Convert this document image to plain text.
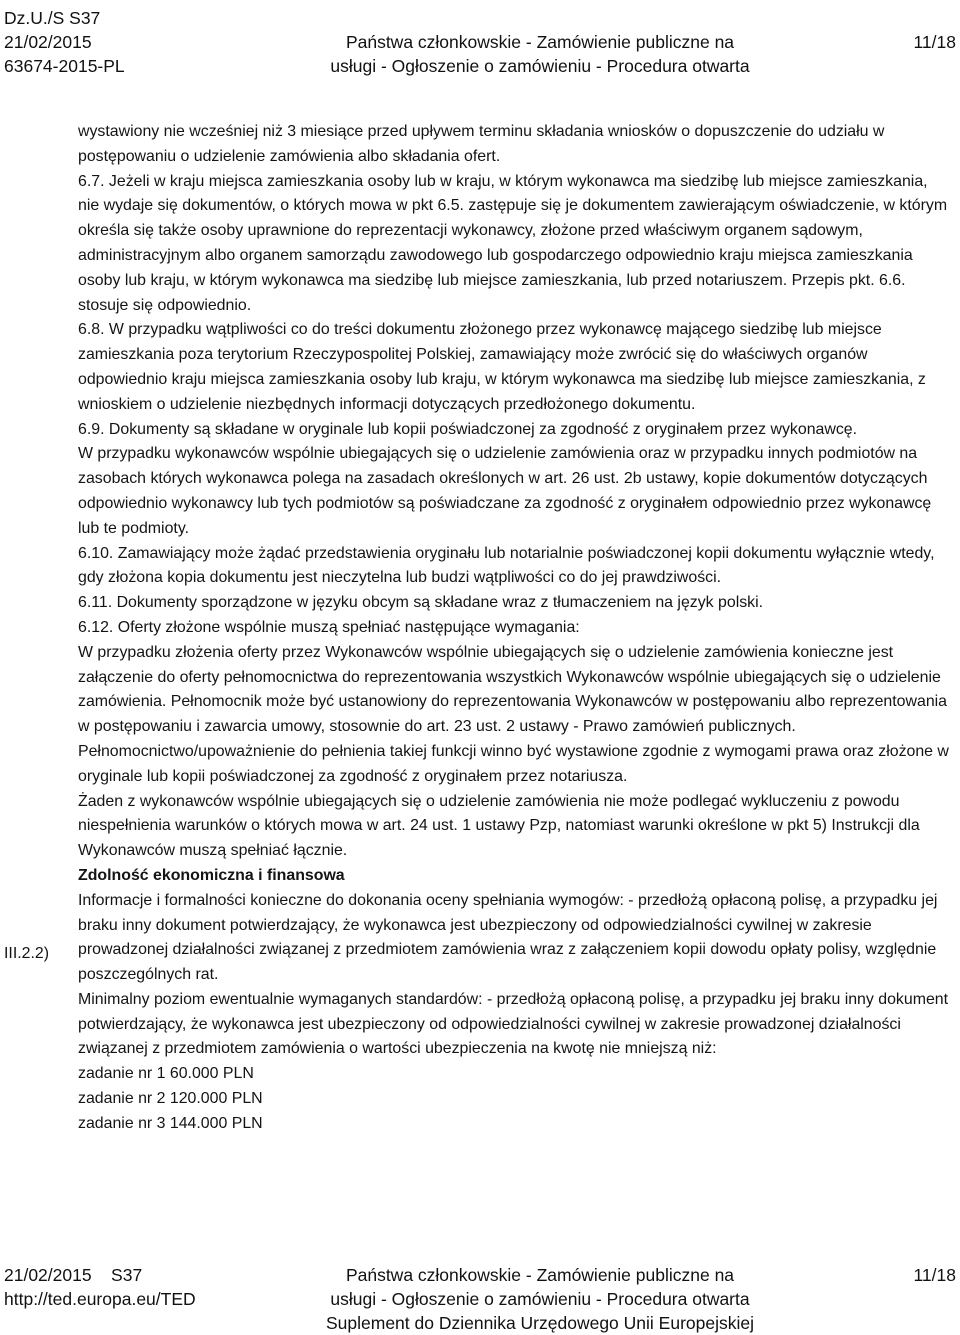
Dz.U./S S37
21/02/2015
63674-2015-PL
Państwa członkowskie - Zamówienie publiczne na
usługi - Ogłoszenie o zamówieniu - Procedura otwarta
11/18

wystawiony nie wcześniej niż 3 miesiące przed upływem terminu składania wniosków o dopuszczenie do udziału w postępowaniu o udzielenie zamówienia albo składania ofert.

6.7. Jeżeli w kraju miejsca zamieszkania osoby lub w kraju, w którym wykonawca ma siedzibę lub miejsce zamieszkania, nie wydaje się dokumentów, o których mowa w pkt 6.5. zastępuje się je dokumentem zawierającym oświadczenie, w którym określa się także osoby uprawnione do reprezentacji wykonawcy, złożone przed właściwym organem sądowym, administracyjnym albo organem samorządu zawodowego lub gospodarczego odpowiednio kraju miejsca zamieszkania osoby lub kraju, w którym wykonawca ma siedzibę lub miejsce zamieszkania, lub przed notariuszem. Przepis pkt. 6.6. stosuje się odpowiednio.

6.8. W przypadku wątpliwości co do treści dokumentu złożonego przez wykonawcę mającego siedzibę lub miejsce zamieszkania poza terytorium Rzeczypospolitej Polskiej, zamawiający może zwrócić się do właściwych organów odpowiednio kraju miejsca zamieszkania osoby lub kraju, w którym wykonawca ma siedzibę lub miejsce zamieszkania, z wnioskiem o udzielenie niezbędnych informacji dotyczących przedłożonego dokumentu.

6.9. Dokumenty są składane w oryginale lub kopii poświadczonej za zgodność z oryginałem przez wykonawcę.

W przypadku wykonawców wspólnie ubiegających się o udzielenie zamówienia oraz w przypadku innych podmiotów na zasobach których wykonawca polega na zasadach określonych w art. 26 ust. 2b ustawy, kopie dokumentów dotyczących odpowiednio wykonawcy lub tych podmiotów są poświadczane za zgodność z oryginałem odpowiednio przez wykonawcę lub te podmioty.

6.10. Zamawiający może żądać przedstawienia oryginału lub notarialnie poświadczonej kopii dokumentu wyłącznie wtedy, gdy złożona kopia dokumentu jest nieczytelna lub budzi wątpliwości co do jej prawdziwości.

6.11. Dokumenty sporządzone w języku obcym są składane wraz z tłumaczeniem na język polski.

6.12. Oferty złożone wspólnie muszą spełniać następujące wymagania:

W przypadku złożenia oferty przez Wykonawców wspólnie ubiegających się o udzielenie zamówienia konieczne jest załączenie do oferty pełnomocnictwa do reprezentowania wszystkich Wykonawców wspólnie ubiegających się o udzielenie zamówienia. Pełnomocnik może być ustanowiony do reprezentowania Wykonawców w postępowaniu albo reprezentowania w postępowaniu i zawarcia umowy, stosownie do art. 23 ust. 2 ustawy - Prawo zamówień publicznych. Pełnomocnictwo/upoważnienie do pełnienia takiej funkcji winno być wystawione zgodnie z wymogami prawa oraz złożone w oryginale lub kopii poświadczonej za zgodność z oryginałem przez notariusza.

Żaden z wykonawców wspólnie ubiegających się o udzielenie zamówienia nie może podlegać wykluczeniu z powodu niespełnienia warunków o których mowa w art. 24 ust. 1 ustawy Pzp, natomiast warunki określone w pkt 5) Instrukcji dla Wykonawców muszą spełniać łącznie.

Zdolność ekonomiczna i finansowa

Informacje i formalności konieczne do dokonania oceny spełniania wymogów: - przedłożą opłaconą polisę, a przypadku jej braku inny dokument potwierdzający, że wykonawca jest ubezpieczony od odpowiedzialności cywilnej w zakresie prowadzonej działalności związanej z przedmiotem zamówienia wraz z załączeniem kopii dowodu opłaty polisy, względnie poszczególnych rat.

Minimalny poziom ewentualnie wymaganych standardów: - przedłożą opłaconą polisę, a przypadku jej braku inny dokument potwierdzający, że wykonawca jest ubezpieczony od odpowiedzialności cywilnej w zakresie prowadzonej działalności związanej z przedmiotem zamówienia o wartości ubezpieczenia na kwotę nie mniejszą niż:

zadanie nr 1 60.000 PLN

zadanie nr 2 120.000 PLN

zadanie nr 3 144.000 PLN

III.2.2)
21/02/2015 S37
http://ted.europa.eu/TED
Państwa członkowskie - Zamówienie publiczne na
usługi - Ogłoszenie o zamówieniu - Procedura otwarta
Suplement do Dziennika Urzędowego Unii Europejskiej
11/18
